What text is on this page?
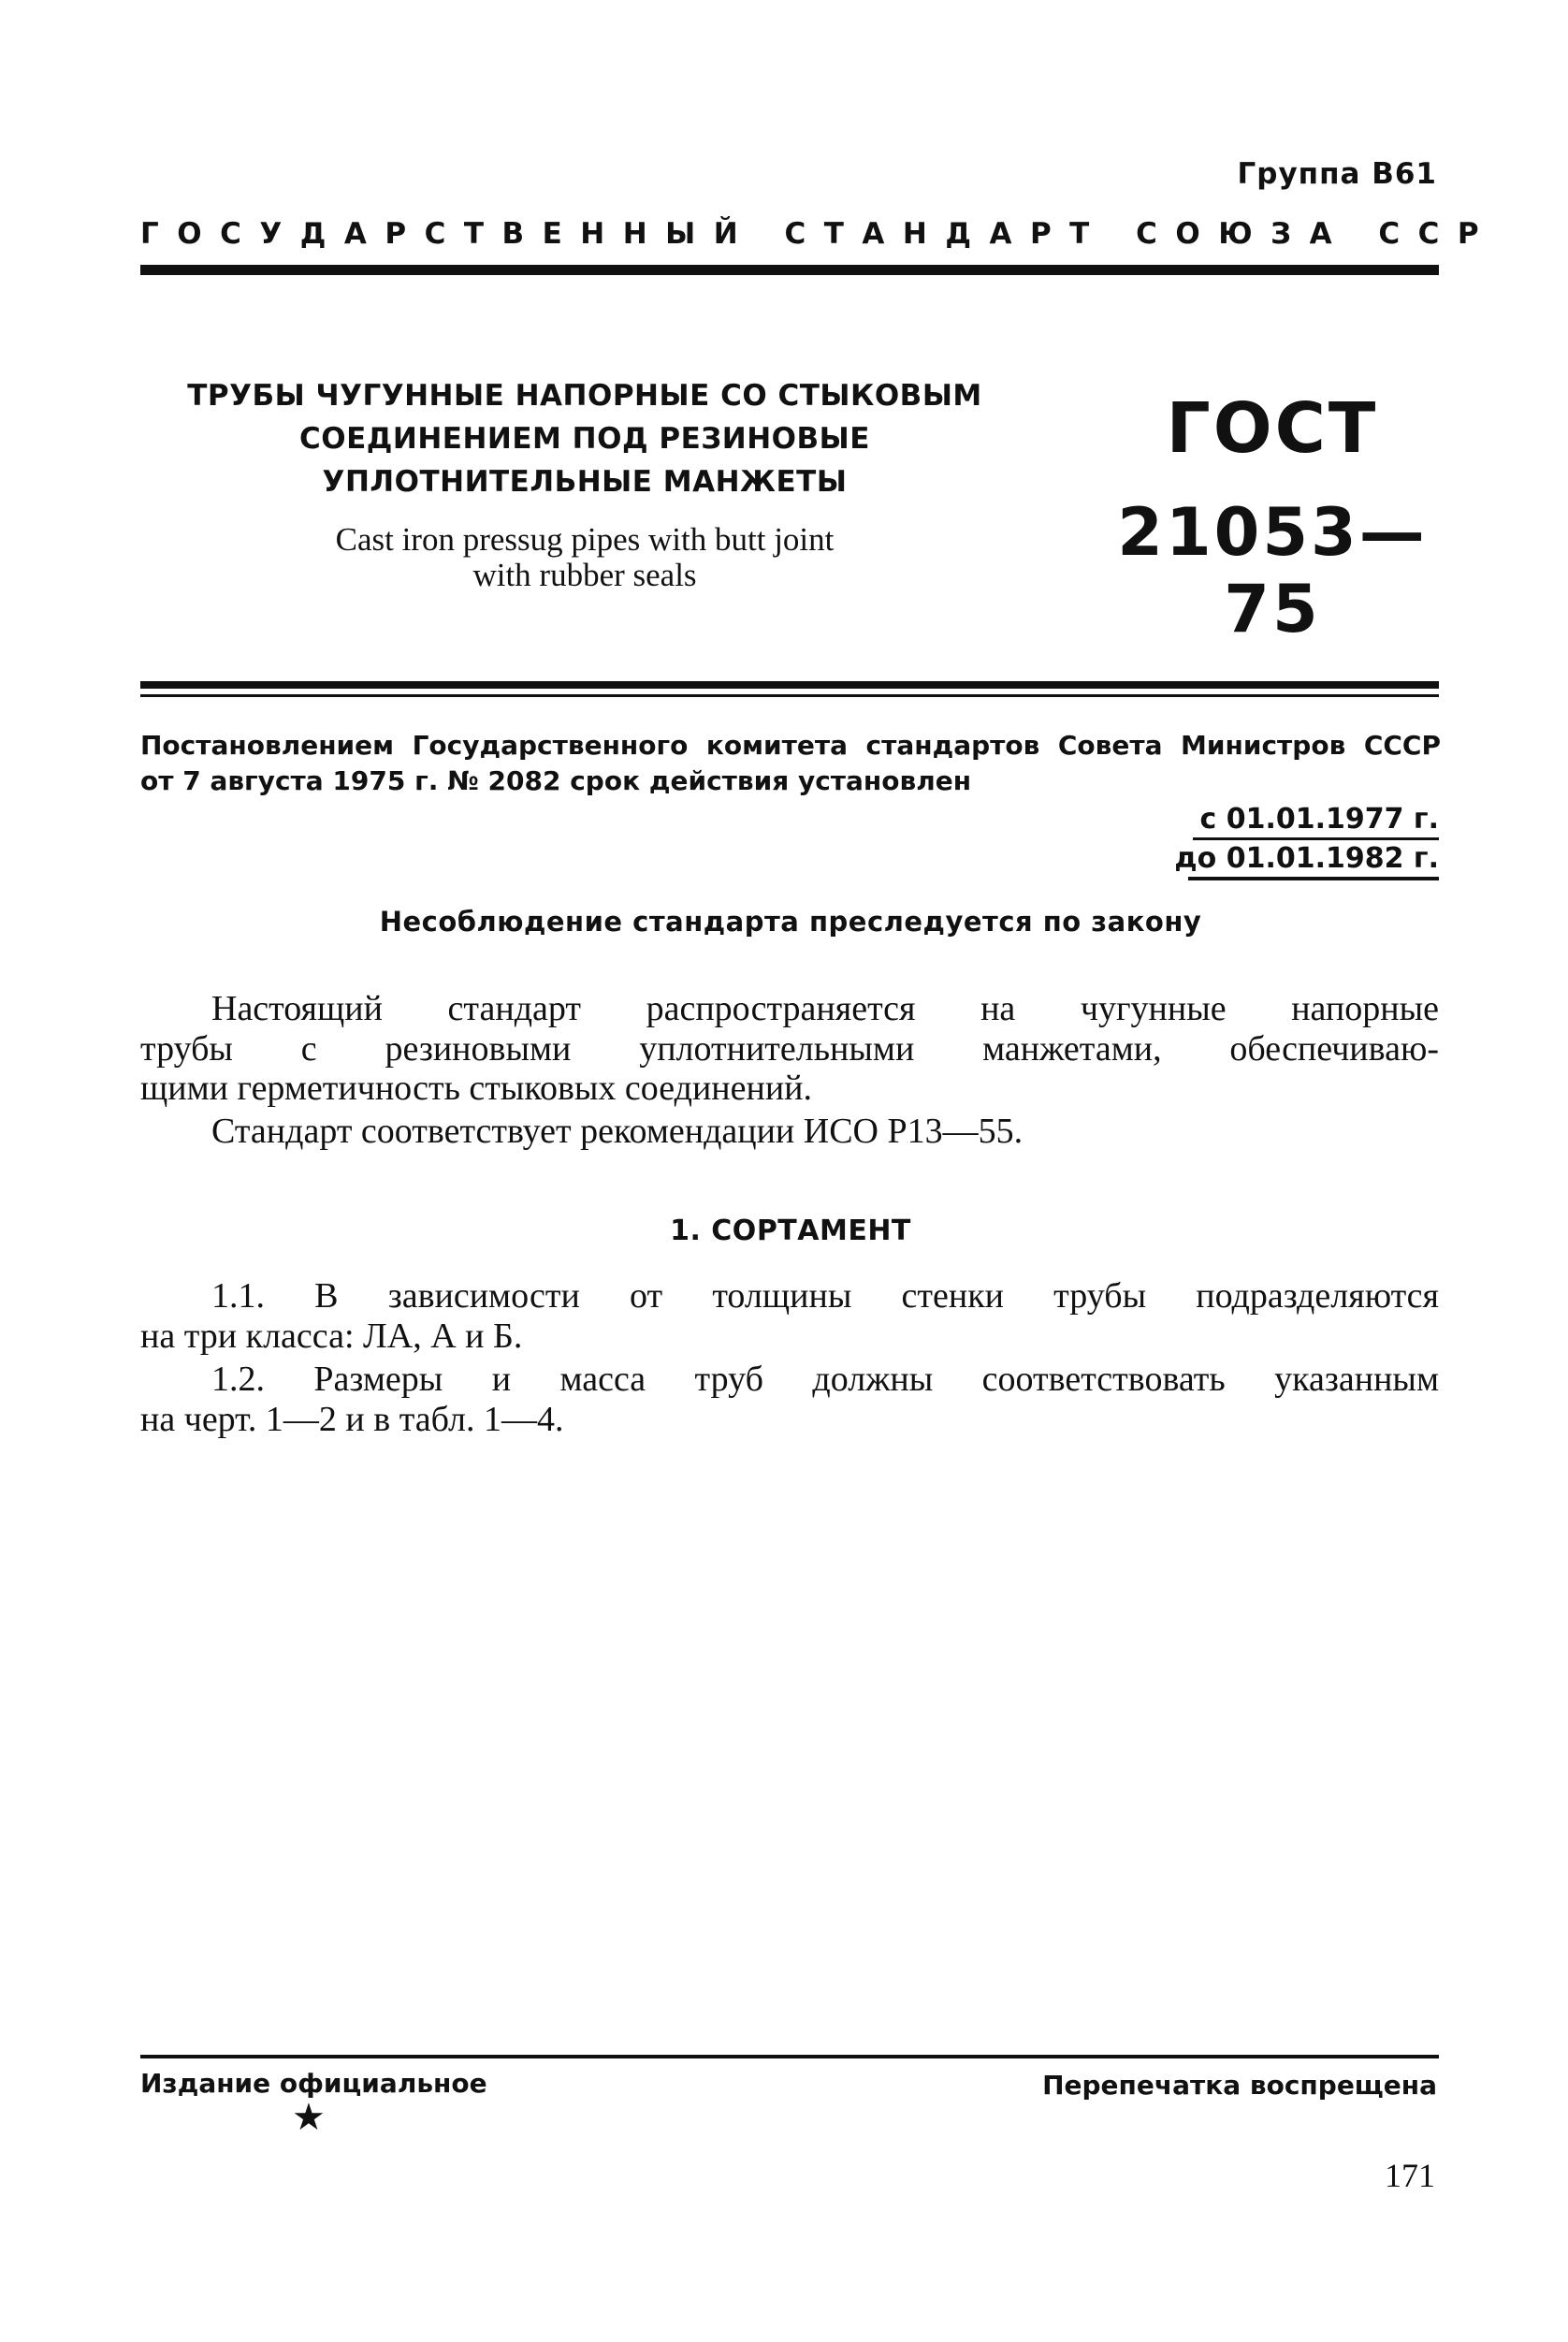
Группа В61
ГОСУДАРСТВЕННЫЙ СТАНДАРТ СОЮЗА ССР
ТРУБЫ ЧУГУННЫЕ НАПОРНЫЕ СО СТЫКОВЫМ
СОЕДИНЕНИЕМ ПОД РЕЗИНОВЫЕ
УПЛОТНИТЕЛЬНЫЕ МАНЖЕТЫ
Cast iron pressug pipes with butt joint
with rubber seals
ГОСТ
21053—75
Постановлением Государственного комитета стандартов Совета Министров СССР
от 7 августа 1975 г. № 2082 срок действия установлен
с 01.01.1977 г.
до 01.01.1982 г.
Несоблюдение стандарта преследуется по закону
Настоящий стандарт распространяется на чугунные напорные
трубы с резиновыми уплотнительными манжетами, обеспечиваю-
щими герметичность стыковых соединений.
Стандарт соответствует рекомендации ИСО Р13—55.
1. СОРТАМЕНТ
1.1. В зависимости от толщины стенки трубы подразделяются
на три класса: ЛА, А и Б.
1.2. Размеры и масса труб должны соответствовать указанным
на черт. 1—2 и в табл. 1—4.
Издание официальное	Перепечатка воспрещена
★
171
